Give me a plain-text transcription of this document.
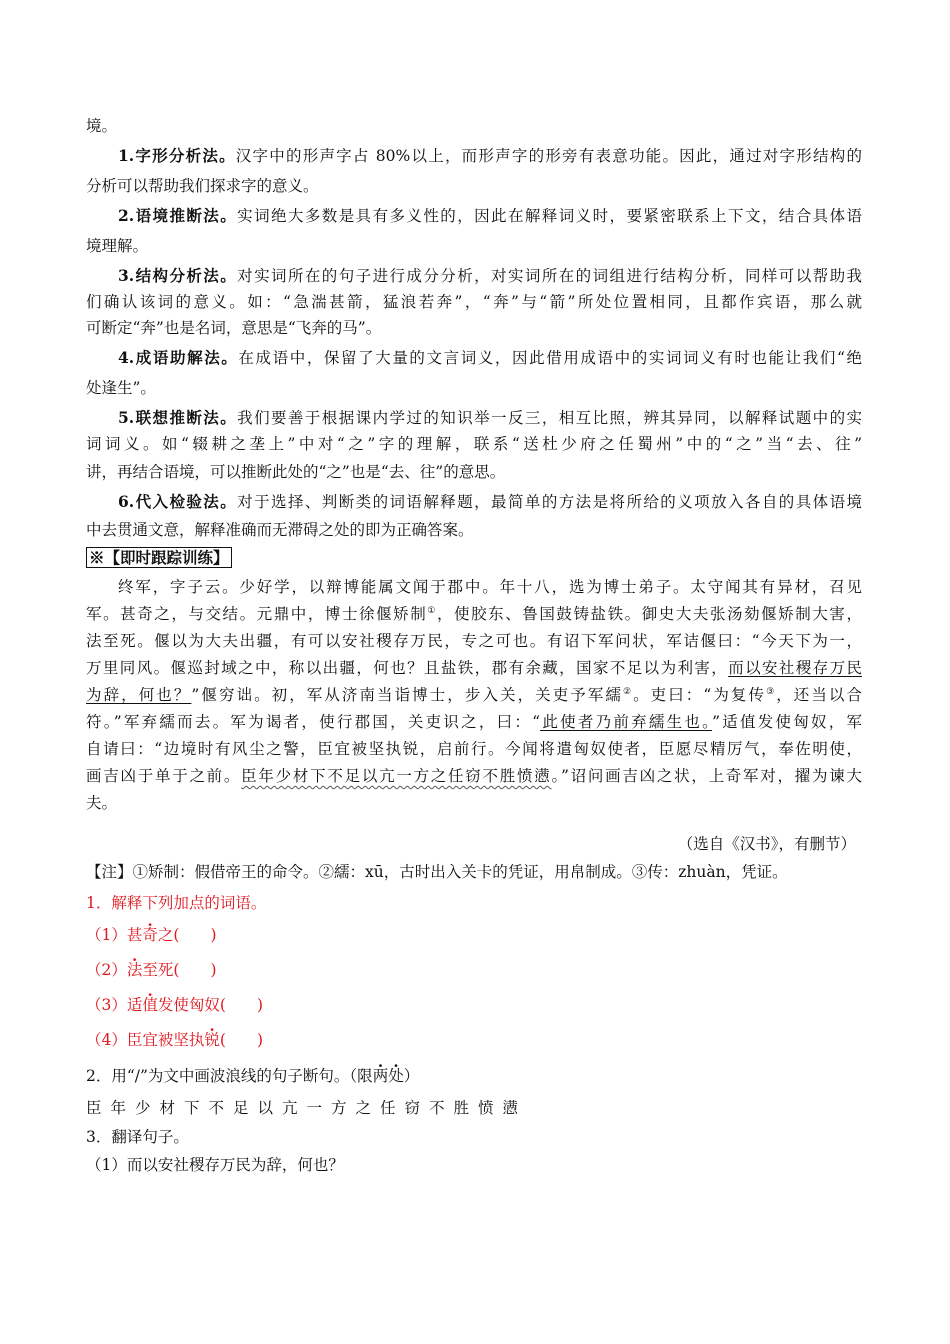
境。
1.字形分析法。汉字中的形声字占 80%以上，而形声字的形旁有表意功能。因此，通过对字形结构的
分析可以帮助我们探求字的意义。
2.语境推断法。实词绝大多数是具有多义性的，因此在解释词义时，要紧密联系上下文，结合具体语
境理解。
3.结构分析法。对实词所在的句子进行成分分析，对实词所在的词组进行结构分析，同样可以帮助我
们确认该词的意义。如：“急湍甚箭，猛浪若奔”，“奔”与“箭”所处位置相同，且都作宾语，那么就
可断定“奔”也是名词，意思是“飞奔的马”。
4.成语助解法。在成语中，保留了大量的文言词义，因此借用成语中的实词词义有时也能让我们“绝
处逢生”。
5.联想推断法。我们要善于根据课内学过的知识举一反三，相互比照，辨其异同，以解释试题中的实
词词义。如“辍耕之垄上”中对“之”字的理解，联系“送杜少府之任蜀州”中的“之”当“去、往”
讲，再结合语境，可以推断此处的“之”也是“去、往”的意思。
6.代入检验法。对于选择、判断类的词语解释题，最简单的方法是将所给的义项放入各自的具体语境
中去贯通文意，解释准确而无滞碍之处的即为正确答案。
※【即时跟踪训练】
终军，字子云。少好学，以辩博能属文闻于郡中。年十八，选为博士弟子。太守闻其有异材，召见
军。甚奇之，与交结。元鼎中，博士徐偃矫制①，使胶东、鲁国鼓铸盐铁。御史大夫张汤劾偃矫制大害，
法至死。偃以为大夫出疆，有可以安社稷存万民，专之可也。有诏下军问状，军诘偃曰：“今天下为一，
万里同风。偃巡封域之中，称以出疆，何也？且盐铁，郡有余藏，国家不足以为利害，而以安社稷存万民
为辞，何也？”偃穷诎。初，军从济南当诣博士，步入关，关吏予军繻②。吏曰：“为复传③，还当以合
符。”军弃繻而去。军为谒者，使行郡国，关吏识之，曰：“此使者乃前弃繻生也。”适值发使匈奴，军
自请曰：“边境时有风尘之警，臣宜被坚执锐，启前行。今闻将遣匈奴使者，臣愿尽精厉气，奉佐明使，
画吉凶于单于之前。臣年少材下不足以亢一方之任窃不胜愤懑。”诏问画吉凶之状，上奇军对，擢为谏大
夫。
（选自《汉书》，有删节）
【注】①矫制：假借帝王的命令。②繻：xū，古时出入关卡的凭证，用帛制成。③传：zhuàn，凭证。
1．解释下列加点的词语。
（1）甚奇之(　　)
（2）法至死(　　)
（3）适值发使匈奴(　　)
（4）臣宜被坚执锐(　　)
2．用“/”为文中画波浪线的句子断句。（限两处）
臣年少材下不足以亢一方之任窃不胜愤懑
3．翻译句子。
（1）而以安社稷存万民为辞，何也？
